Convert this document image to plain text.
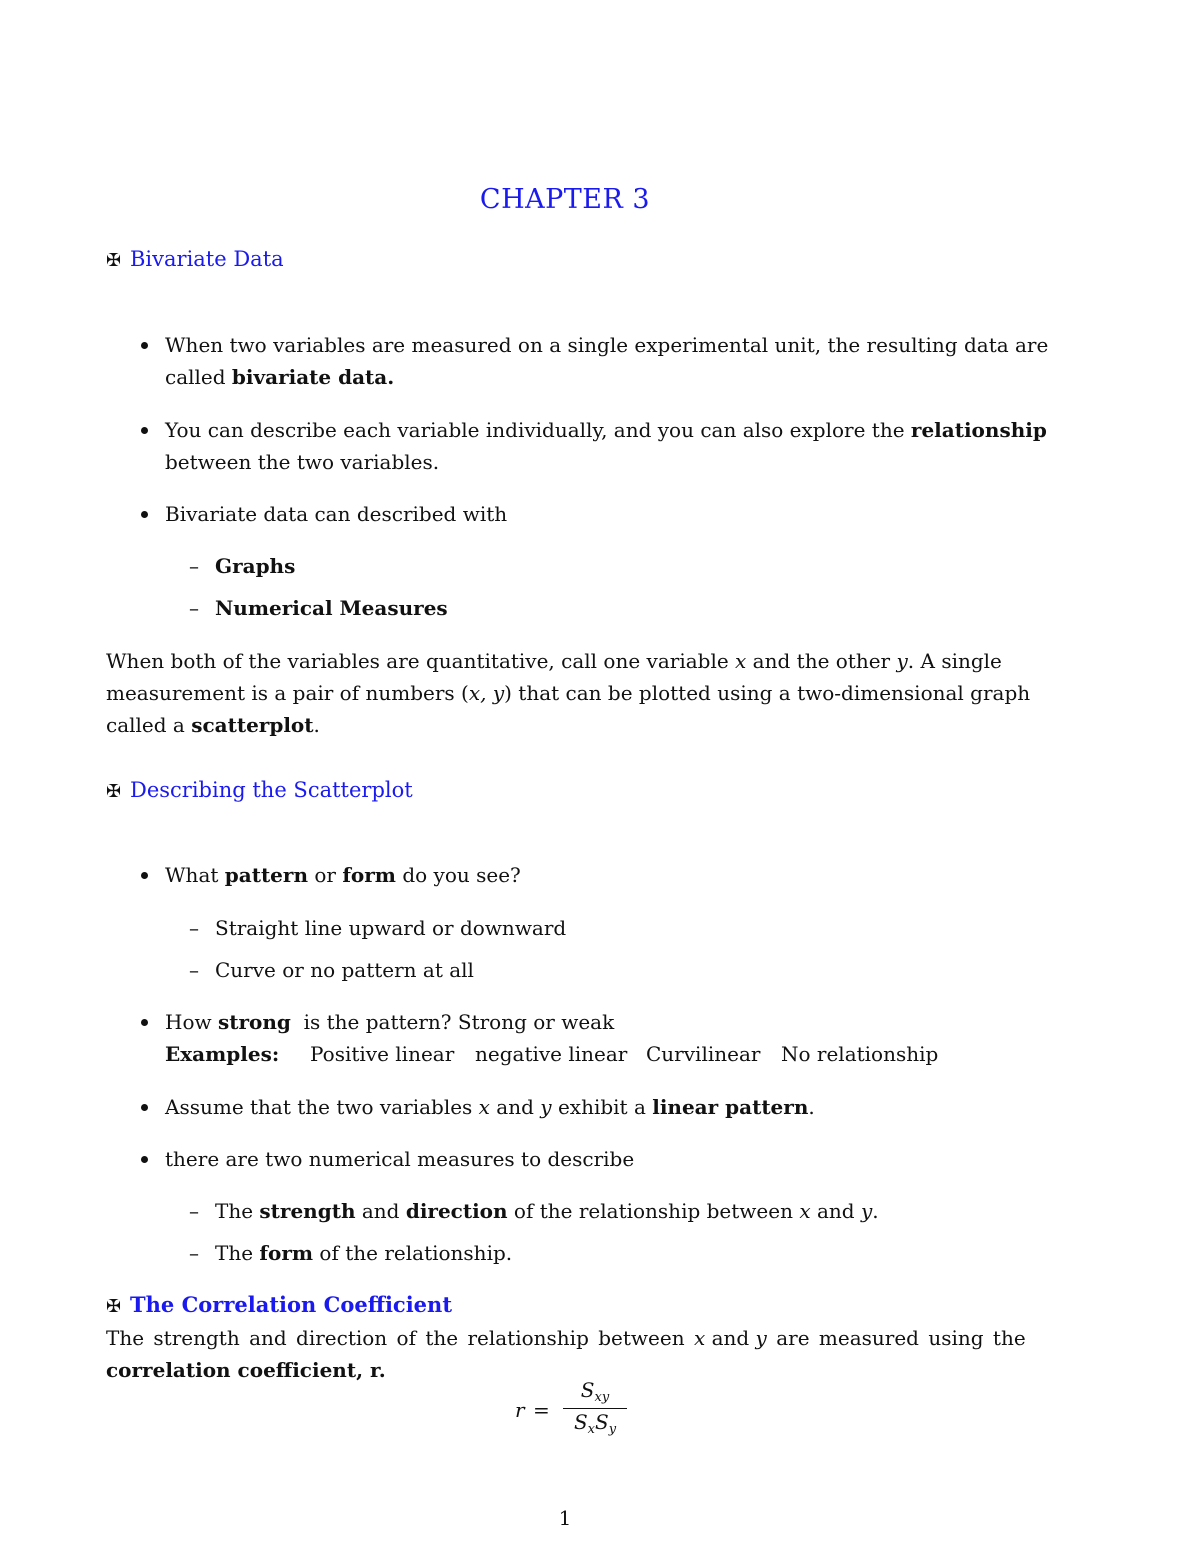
CHAPTER 3
✠ Bivariate Data
When two variables are measured on a single experimental unit, the resulting data are
called bivariate data.
You can describe each variable individually, and you can also explore the relationship
between the two variables.
Bivariate data can described with
– Graphs
– Numerical Measures
When both of the variables are quantitative, call one variable x and the other y. A single
measurement is a pair of numbers (x, y) that can be plotted using a two-dimensional graph
called a scatterplot.
✠ Describing the Scatterplot
What pattern or form do you see?
– Straight line upward or downward
– Curve or no pattern at all
How strong  is the pattern? Strong or weak
Examples: Positive linear negative linear Curvilinear No relationship
Assume that the two variables x and y exhibit a linear pattern.
there are two numerical measures to describe
– The strength and direction of the relationship between x and y.
– The form of the relationship.
✠ The Correlation Coefficient
The strength and direction of the relationship between x and y are measured using the
correlation coefficient, r.
r =
$S_{xy}$
$S_xS_y$
1
